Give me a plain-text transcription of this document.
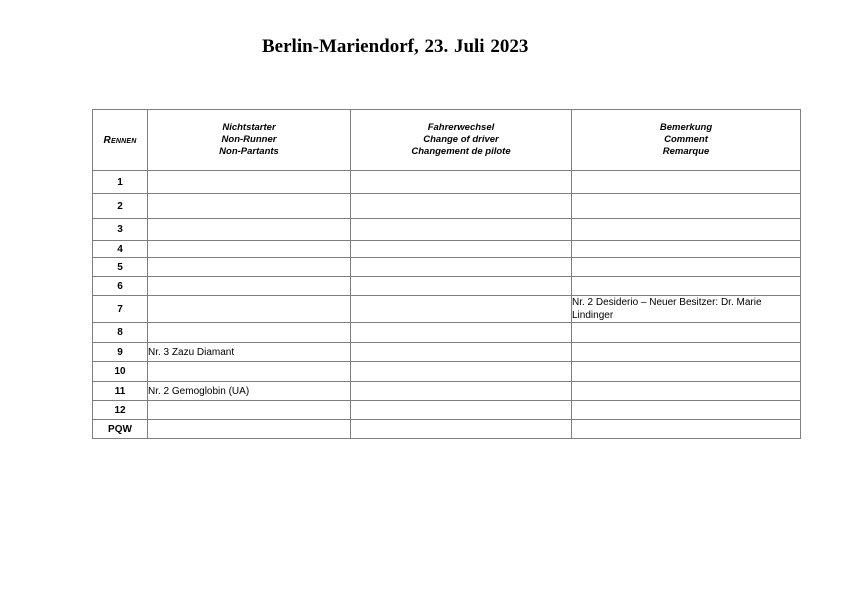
Berlin-Mariendorf, 23. Juli 2023
Rennen	Nichtstarter
Non-Runner
Non-Partants	Fahrerwechsel
Change of driver
Changement de pilote	Bemerkung
Comment
Remarque

1			
2			
3			
4			
5			
6			
7			Nr. 2 Desiderio – Neuer Besitzer: Dr. Marie Lindinger
8			
9	Nr. 3 Zazu Diamant		
10			
11	Nr. 2 Gemoglobin (UA)		
12			
PQW			
